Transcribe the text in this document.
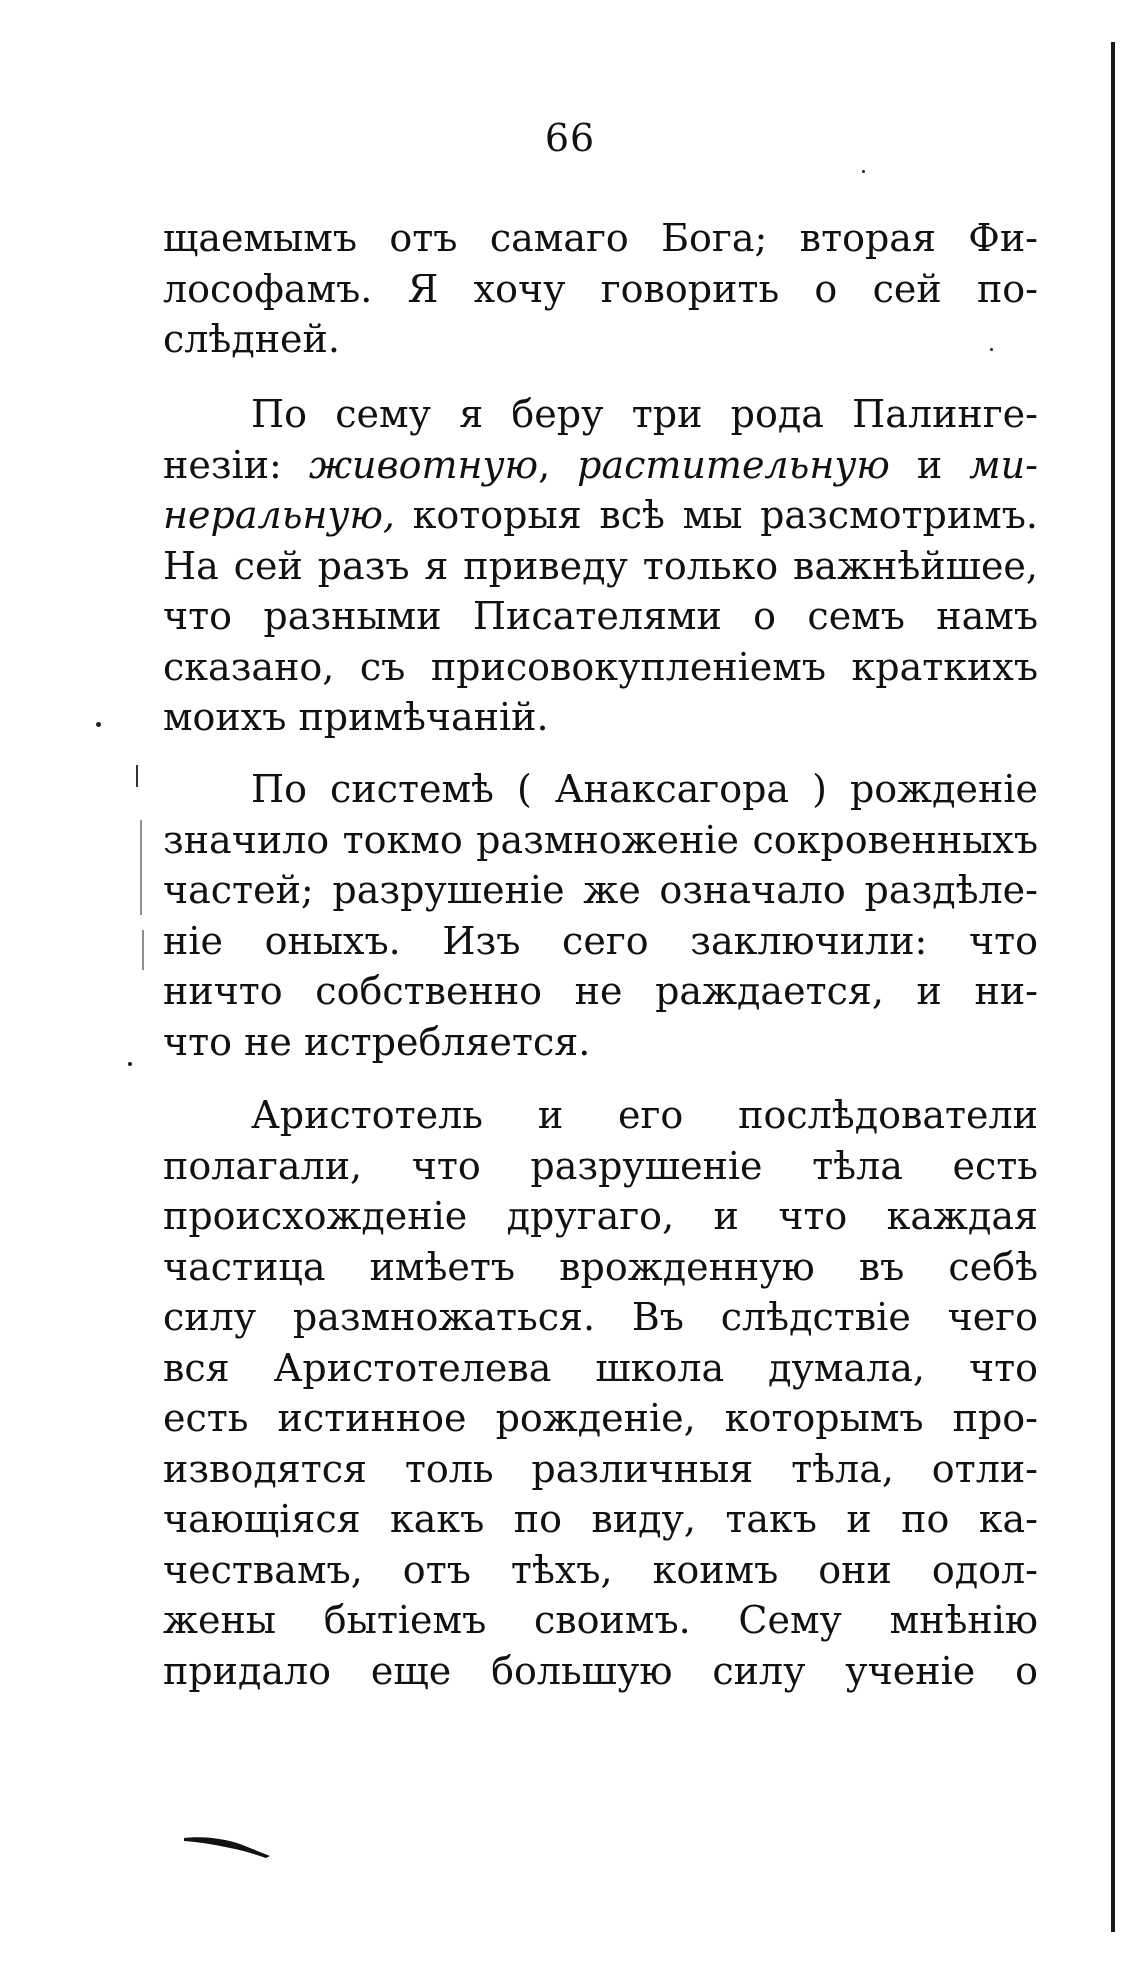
66
щаемымъ отъ самаго Бога; вторая Фи-
лософамъ. Я хочу говорить о сей по-
слѣдней.
По сему я беру три рода Палинге-
незіи: животную, растительную и ми-
неральную, которыя всѣ мы разсмотримъ.
На сей разъ я приведу только важнѣйшее,
что разными Писателями о семъ намъ
сказано, съ присовокупленіемъ краткихъ
моихъ примѣчаній.
По системѣ ( Анаксагора ) рожденіе
значило токмо размноженіе сокровенныхъ
частей; разрушеніе же означало раздѣле-
ніе оныхъ. Изъ сего заключили: что
ничто собственно не раждается, и ни-
что не истребляется.
Аристотель и его послѣдователи
полагали, что разрушеніе тѣла есть
происхожденіе другаго, и что каждая
частица имѣетъ врожденную въ себѣ
силу размножаться. Въ слѣдствіе чего
вся Аристотелева школа думала, что
есть истинное рожденіе, которымъ про-
изводятся толь различныя тѣла, отли-
чающіяся какъ по виду, такъ и по ка-
чествамъ, отъ тѣхъ, коимъ они одол-
жены бытіемъ своимъ. Сему мнѣнію
придало еще большую силу ученіе о
